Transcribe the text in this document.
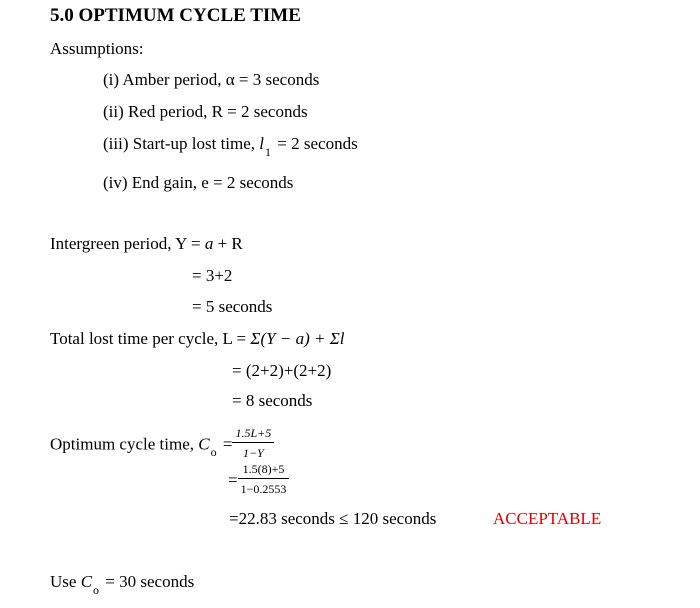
5.0 OPTIMUM CYCLE TIME
Assumptions:
(i) Amber period, α = 3 seconds
(ii) Red period, R = 2 seconds
(iii) Start-up lost time, $l_1 = 2$ seconds
(iv) End gain, e = 2 seconds
Intergreen period, Y = a + R
= 3+2
= 5 seconds
Total lost time per cycle, L = Σ(Y − a) + Σl
= (2+2)+(2+2)
= 8 seconds
Optimum cycle time, $C_o = \frac{1.5L+5}{1-Y}$
= $\frac{1.5(8)+5}{1-0.2553}$
=22.83 seconds ≤ 120 seconds	ACCEPTABLE
Use $C_o = 30$ seconds
